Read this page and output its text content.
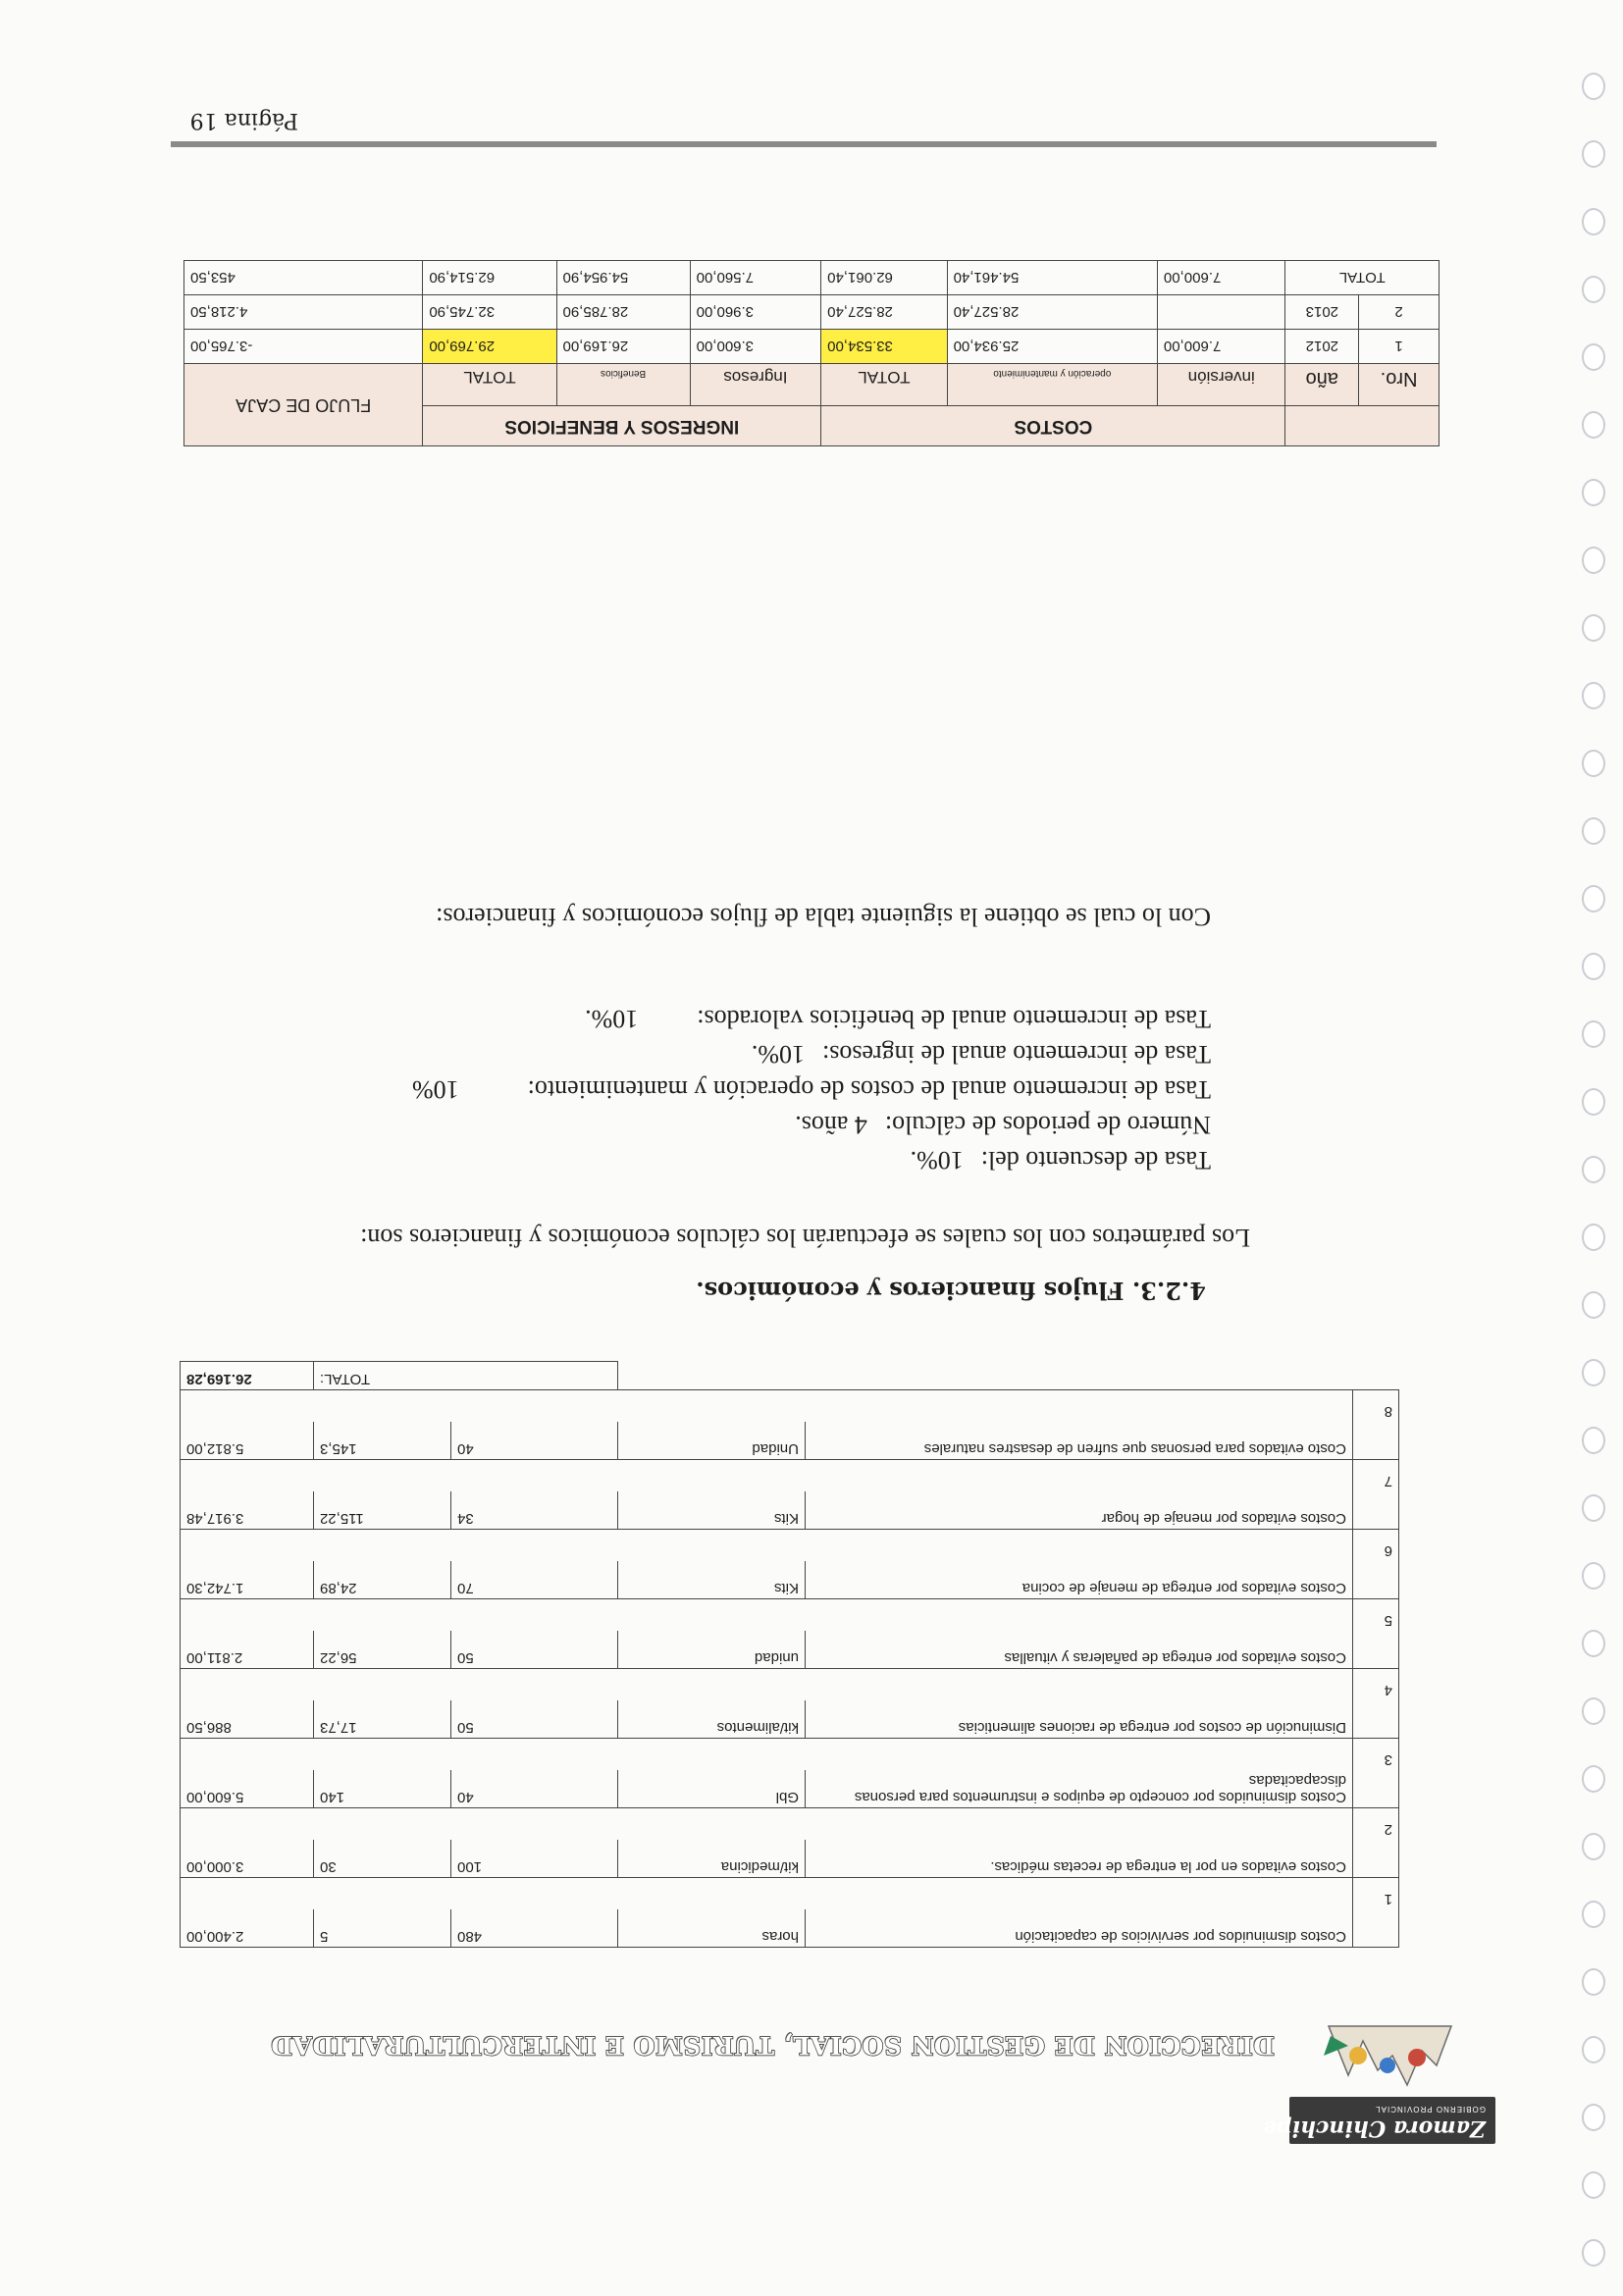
Zamora Chinchipe
GOBIERNO PROVINCIAL
DIRECCION DE GESTION SOCIAL, TURISMO E INTERCULTURALIDAD
	Costos disminuidos por servivicios de capacitación	horas	480	5	2.400,00
1					
	Costos evitados en por la entrega de recetas médicas.	kit/medicina	100	30	3.000,00
2					
	Costos disminuidos por concepto de equipos e instrumentos para personas discapacitadas	Gbl	40	140	5.600,00
3					
	Disminución de costos por entrega de raciones alimenticias	kit/alimentos	50	17,73	886,50
4					
	Costos evitados por entrega de pañaleras y vituallas	unidad	50	56,22	2.811,00
5					
	Costos evitados por entrega de menaje de cocina	Kits	70	24,89	1.742,30
6					
	Costos evitados por menaje de hogar	Kits	34	115,22	3.917,48
7					
	Costo evitados para personas que sufren de desastres naturales	Unidad	40	145,3	5.812,00
8					
			TOTAL:		26.169,28
4.2.3. Flujos financieros y económicos.
Los parámetros con los cuales se efectuarán los cálculos económicos y financieros son:
Tasa de descuento del:10%.
Número de periodos de cálculo:4 años.
Tasa de incremento anual de costos de operación y mantenimiento:10%
Tasa de incremento anual de ingresos:10%.
Tasa de incremento anual de beneficios valorados:10%.
Con lo cual se obtiene la siguiente tabla de flujos económicos y financieros:
		COSTOS			INGRESOS Y BENEFICIOS			FLUJO DE CAJA
Nro.	año	inversión	operación y mantenimiento	TOTAL	Ingresos	Beneficios	TOTAL	
1	2012	7.600,00	25.934,00	33.534,00	3.600,00	26.169,00	29.769,00	-3.765,00
2	2013		28.527,40	28.527,40	3.960,00	28.785,90	32.745,90	4.218,50
TOTAL		7.600,00	54.461,40	62.061,40	7.560,00	54.954,90	62.514,90	453,50
Página 19
